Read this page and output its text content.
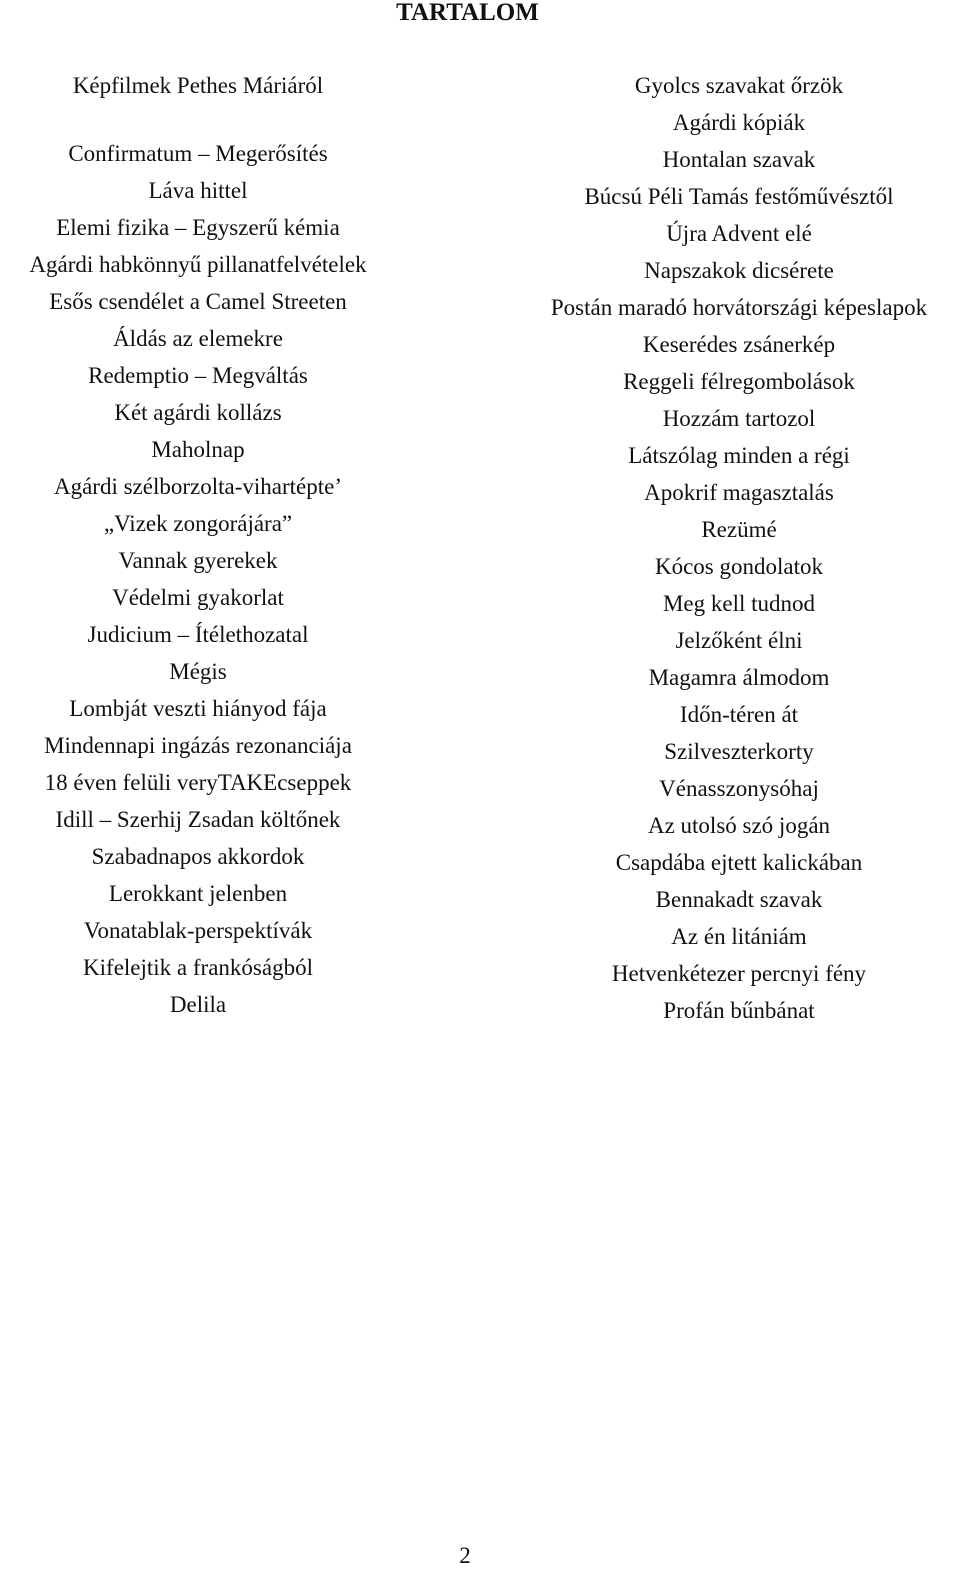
TARTALOM
Képfilmek Pethes Máriáról
Confirmatum – Megerősítés
Láva hittel
Elemi fizika – Egyszerű kémia
Agárdi habkönnyű pillanatfelvételek
Esős csendélet a Camel Streeten
Áldás az elemekre
Redemptio – Megváltás
Két agárdi kollázs
Maholnap
Agárdi szélborzolta-vihartépte’
„Vizek zongorájára”
Vannak gyerekek
Védelmi gyakorlat
Judicium – Ítélethozatal
Mégis
Lombját veszti hiányod fája
Mindennapi ingázás rezonanciája
18 éven felüli veryTAKEcseppek
Idill – Szerhij Zsadan költőnek
Szabadnapos akkordok
Lerokkant jelenben
Vonatablak-perspektívák
Kifelejtik a frankóságból
Delila
Gyolcs szavakat őrzök
Agárdi kópiák
Hontalan szavak
Búcsú Péli Tamás festőművésztől
Újra Advent elé
Napszakok dicsérete
Postán maradó horvátországi képeslapok
Keserédes zsánerkép
Reggeli félregombolások
Hozzám tartozol
Látszólag minden a régi
Apokrif magasztalás
Rezümé
Kócos gondolatok
Meg kell tudnod
Jelzőként élni
Magamra álmodom
Időn-téren át
Szilveszterkorty
Vénasszonysóhaj
Az utolsó szó jogán
Csapdába ejtett kalickában
Bennakadt szavak
Az én litániám
Hetvenkétezer percnyi fény
Profán bűnbánat
2
